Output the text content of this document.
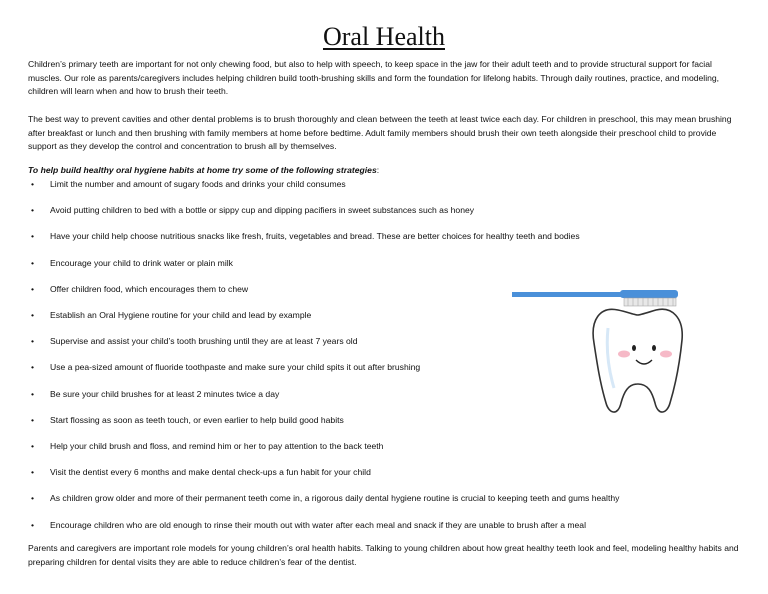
Oral Health

Children’s primary teeth are important for not only chewing food, but also to help with speech, to keep space in the jaw for their adult teeth and to provide structural support for facial muscles. Our role as parents/caregivers includes helping children build tooth-brushing skills and form the foundation for lifelong habits. Through daily routines, practice, and modeling, children will learn when and how to brush their teeth.

The best way to prevent cavities and other dental problems is to brush thoroughly and clean between the teeth at least twice each day. For children in preschool, this may mean brushing after breakfast or lunch and then brushing with family members at home before bedtime. Adult family members should brush their own teeth alongside their preschool child to provide support as they develop the control and concentration to brush all by themselves.

To help build healthy oral hygiene habits at home try some of the following strategies:
• Limit the number and amount of sugary foods and drinks your child consumes
• Avoid putting children to bed with a bottle or sippy cup and dipping pacifiers in sweet substances such as honey
• Have your child help choose nutritious snacks like fresh, fruits, vegetables and bread. These are better choices for healthy teeth and bodies
• Encourage your child to drink water or plain milk
• Offer children food, which encourages them to chew
• Establish an Oral Hygiene routine for your child and lead by example
• Supervise and assist your child’s tooth brushing until they are at least 7 years old
• Use a pea-sized amount of fluoride toothpaste and make sure your child spits it out after brushing
• Be sure your child brushes for at least 2 minutes twice a day
• Start flossing as soon as teeth touch, or even earlier to help build good habits
• Help your child brush and floss, and remind him or her to pay attention to the back teeth
• Visit the dentist every 6 months and make dental check-ups a fun habit for your child
• As children grow older and more of their permanent teeth come in, a rigorous daily dental hygiene routine is crucial to keeping teeth and gums healthy
• Encourage children who are old enough to rinse their mouth out with water after each meal and snack if they are unable to brush after a meal

Parents and caregivers are important role models for young children’s oral health habits. Talking to young children about how great healthy teeth look and feel, modeling healthy habits and preparing children for dental visits they are able to reduce children’s fear of the dentist.
